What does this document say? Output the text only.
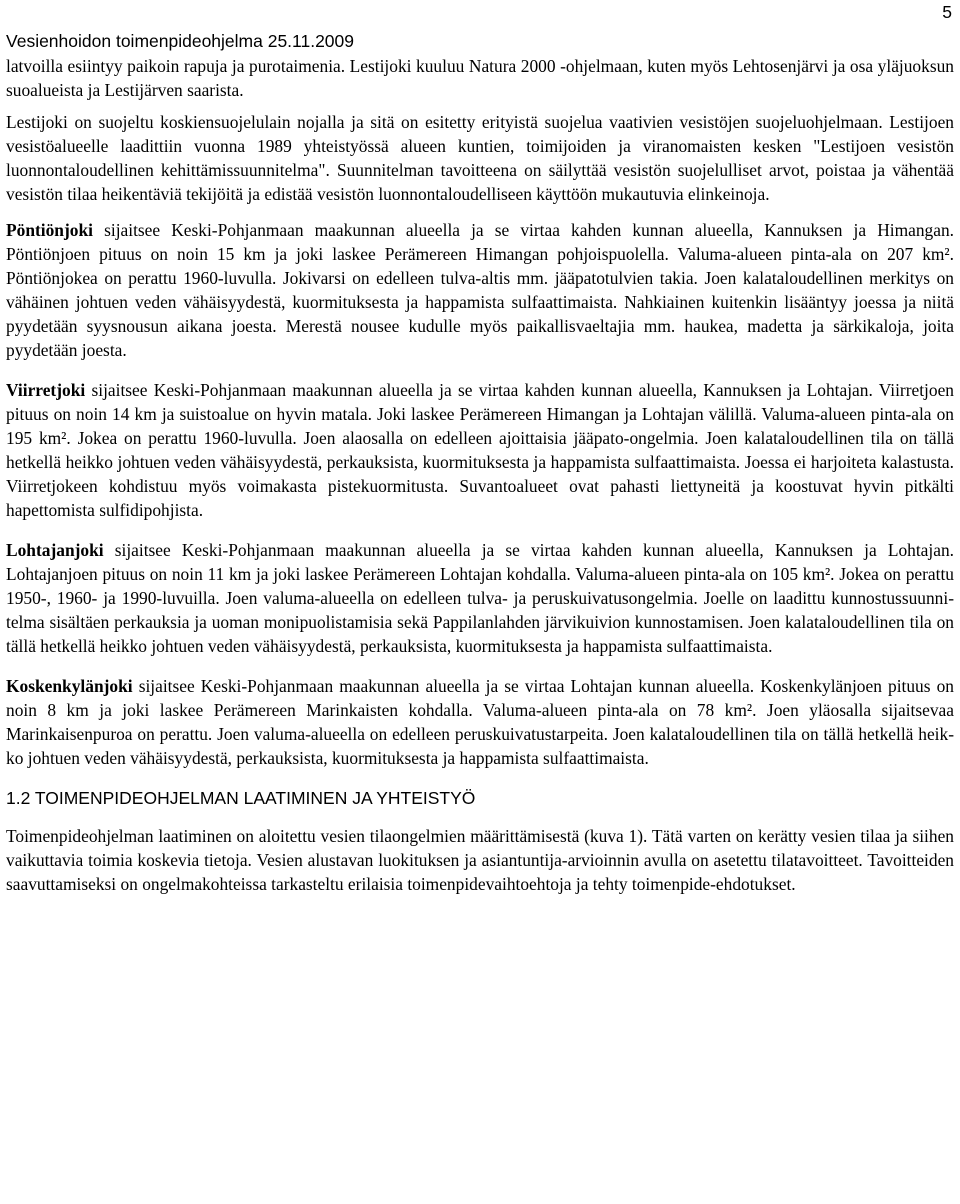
Vesienhoidon toimenpideohjelma 25.11.2009
5

latvoilla esiintyy paikoin rapuja ja purotaimenia. Lestijoki kuuluu Natura 2000 -ohjelmaan, kuten myös Lehtosenjärvi ja osa yläjuoksun suoalueista ja Lestijärven saarista.

Lestijoki on suojeltu koskiensuojelulain nojalla ja sitä on esitetty erityistä suojelua vaativien vesistöjen suojeluohjelmaan. Lestijoen vesistöalueelle laadittiin vuonna 1989 yhteistyössä alueen kuntien, toimijoiden ja viranomaisten kesken "Lestijoen vesistön luonnontaloudellinen kehittämissuunnitelma". Suunnitelman tavoitteena on säilyttää vesistön suojelulliset arvot, poistaa ja vähentää vesistön tilaa heikentäviä tekijöitä ja edistää vesistön luonnontaloudelliseen käyttöön mukautuvia elinkeinoja.

Pöntiönjoki sijaitsee Keski-Pohjanmaan maakunnan alueella ja se virtaa kahden kunnan alueella, Kannuksen ja Himangan. Pöntiönjoen pituus on noin 15 km ja joki laskee Perämereen Himangan pohjoispuolella. Valuma-alueen pinta-ala on 207 km². Pöntiönjokea on perattu 1960-luvulla. Jokivarsi on edelleen tulva-altis mm. jääpatotulvien takia. Joen kalataloudellinen merkitys on vähäinen johtuen veden vähäisyydestä, kuormituksesta ja happamista sulfaattimaista. Nahkiainen kuitenkin lisääntyy joessa ja niitä pyydetään syysnousun aikana joesta. Merestä nousee kudulle myös paikallisvaeltajia mm. haukea, madetta ja särkikaloja, joita pyydetään joesta.

Viirretjoki sijaitsee Keski-Pohjanmaan maakunnan alueella ja se virtaa kahden kunnan alueella, Kannuksen ja Lohtajan. Viirretjoen pituus on noin 14 km ja suistoalue on hyvin matala. Joki laskee Perämereen Himangan ja Lohtajan välillä. Valuma-alueen pinta-ala on 195 km². Jokea on perattu 1960-luvulla. Joen alaosalla on edelleen ajoittaisia jääpato-ongelmia. Joen kalataloudellinen tila on tällä hetkellä heikko johtuen veden vähäisyydestä, perkauksista, kuormituksesta ja happamista sulfaattimaista. Joessa ei harjoiteta kalastusta. Viirretjokeen kohdistuu myös voimakasta pistekuormitusta. Suvantoalueet ovat pahasti liettyneitä ja koostuvat hyvin pitkälti hapettomista sulfidipohjista.

Lohtajanjoki sijaitsee Keski-Pohjanmaan maakunnan alueella ja se virtaa kahden kunnan alueella, Kannuksen ja Lohtajan. Lohtajanjoen pituus on noin 11 km ja joki laskee Perämereen Lohtajan kohdalla. Valuma-alueen pinta-ala on 105 km². Jokea on perattu 1950-, 1960- ja 1990-luvuilla. Joen valuma-alueella on edelleen tulva- ja peruskuivatusongelmia. Joelle on laadittu kunnostussuunnitelma sisältäen perkauksia ja uoman monipuolistamisia sekä Pappilanlahden järvikuivion kunnostamisen. Joen kalataloudellinen tila on tällä hetkellä heikko johtuen veden vähäisyydestä, perkauksista, kuormituksesta ja happamista sulfaattimaista.

Koskenkylänjoki sijaitsee Keski-Pohjanmaan maakunnan alueella ja se virtaa Lohtajan kunnan alueella. Koskenkylänjoen pituus on noin 8 km ja joki laskee Perämereen Marinkaisten kohdalla. Valuma-alueen pinta-ala on 78 km². Joen yläosalla sijaitsevaa Marinkaisenpuroa on perattu. Joen valuma-alueella on edelleen peruskuivatustarpeita. Joen kalataloudellinen tila on tällä hetkellä heikko johtuen veden vähäisyydestä, perkauksista, kuormituksesta ja happamista sulfaattimaista.

1.2 TOIMENPIDEOHJELMAN LAATIMINEN JA YHTEISTYÖ

Toimenpideohjelman laatiminen on aloitettu vesien tilaongelmien määrittämisestä (kuva 1). Tätä varten on kerätty vesien tilaa ja siihen vaikuttavia toimia koskevia tietoja. Vesien alustavan luokituksen ja asiantuntija-arvioinnin avulla on asetettu tilatavoitteet. Tavoitteiden saavuttamiseksi on ongelmakohteissa tarkasteltu erilaisia toimenpidevaihtoehtoja ja tehty toimenpide-ehdotukset.
